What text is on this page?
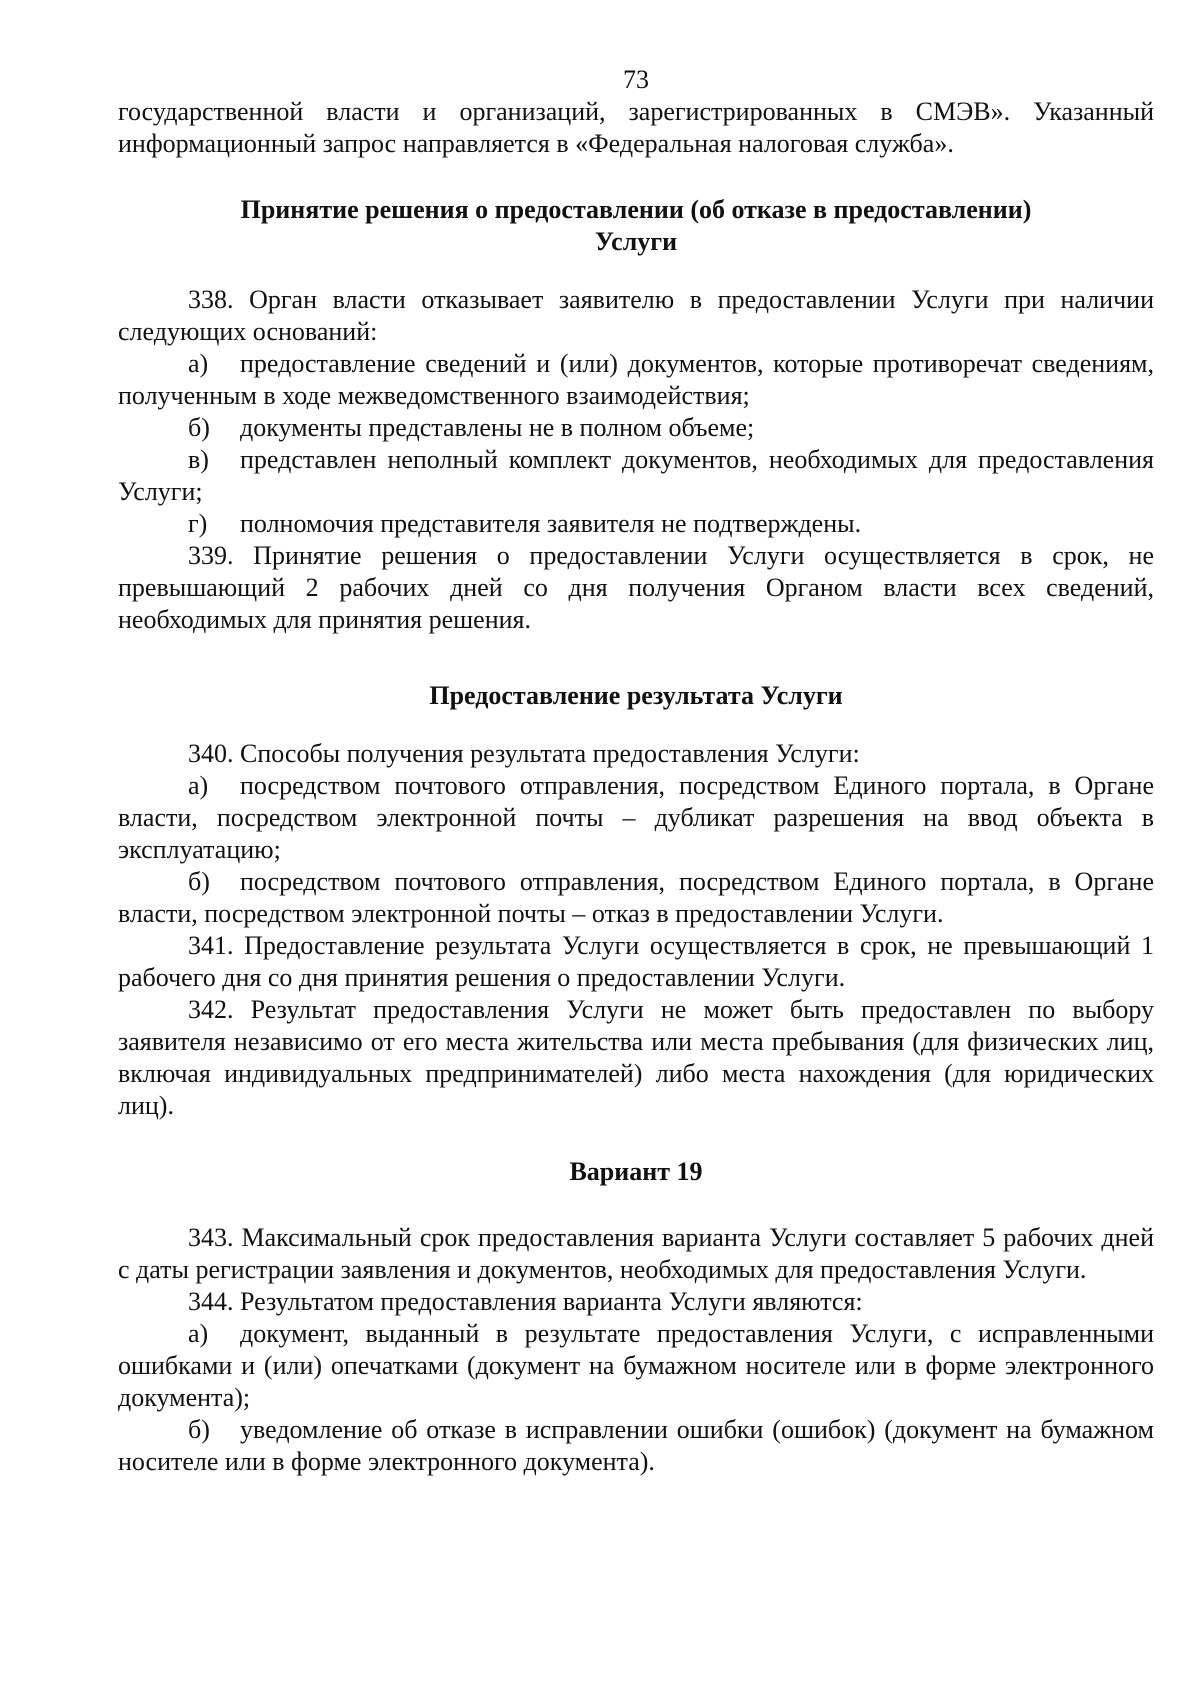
73

государственной власти и организаций, зарегистрированных в СМЭВ». Указанный информационный запрос направляется в «Федеральная налоговая служба».

Принятие решения о предоставлении (об отказе в предоставлении)
Услуги

338. Орган власти отказывает заявителю в предоставлении Услуги при наличии следующих оснований:

а) предоставление сведений и (или) документов, которые противоречат сведениям, полученным в ходе межведомственного взаимодействия;

б) документы представлены не в полном объеме;

в) представлен неполный комплект документов, необходимых для предоставления Услуги;

г) полномочия представителя заявителя не подтверждены.

339. Принятие решения о предоставлении Услуги осуществляется в срок, не превышающий 2 рабочих дней со дня получения Органом власти всех сведений, необходимых для принятия решения.

Предоставление результата Услуги

340. Способы получения результата предоставления Услуги:

а) посредством почтового отправления, посредством Единого портала, в Органе власти, посредством электронной почты – дубликат разрешения на ввод объекта в эксплуатацию;

б) посредством почтового отправления, посредством Единого портала, в Органе власти, посредством электронной почты – отказ в предоставлении Услуги.

341. Предоставление результата Услуги осуществляется в срок, не превышающий 1 рабочего дня со дня принятия решения о предоставлении Услуги.

342. Результат предоставления Услуги не может быть предоставлен по выбору заявителя независимо от его места жительства или места пребывания (для физических лиц, включая индивидуальных предпринимателей) либо места нахождения (для юридических лиц).

Вариант 19

343. Максимальный срок предоставления варианта Услуги составляет 5 рабочих дней с даты регистрации заявления и документов, необходимых для предоставления Услуги.

344. Результатом предоставления варианта Услуги являются:

а) документ, выданный в результате предоставления Услуги, с исправленными ошибками и (или) опечатками (документ на бумажном носителе или в форме электронного документа);

б) уведомление об отказе в исправлении ошибки (ошибок) (документ на бумажном носителе или в форме электронного документа).
